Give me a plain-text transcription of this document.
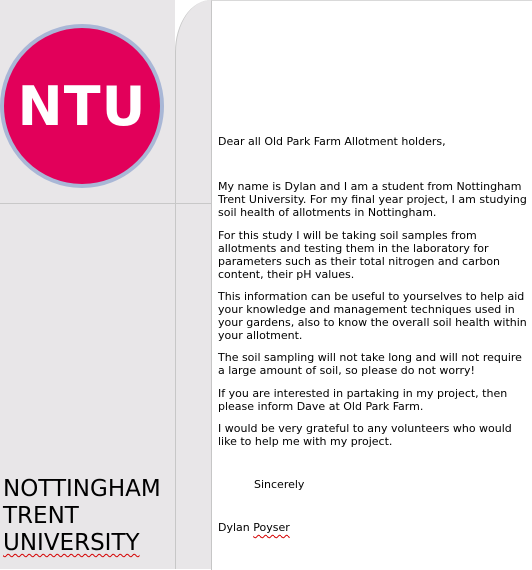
NTU
NOTTINGHAM
TRENT
UNIVERSITY

Dear all Old Park Farm Allotment holders,

My name is Dylan and I am a student from Nottingham Trent University. For my final year project, I am studying soil health of allotments in Nottingham.

For this study I will be taking soil samples from allotments and testing them in the laboratory for parameters such as their total nitrogen and carbon content, their pH values.

This information can be useful to yourselves to help aid your knowledge and management techniques used in your gardens, also to know the overall soil health within your allotment.

The soil sampling will not take long and will not require a large amount of soil, so please do not worry!

If you are interested in partaking in my project, then please inform Dave at Old Park Farm.

I would be very grateful to any volunteers who would like to help me with my project.

Sincerely

Dylan Poyser
